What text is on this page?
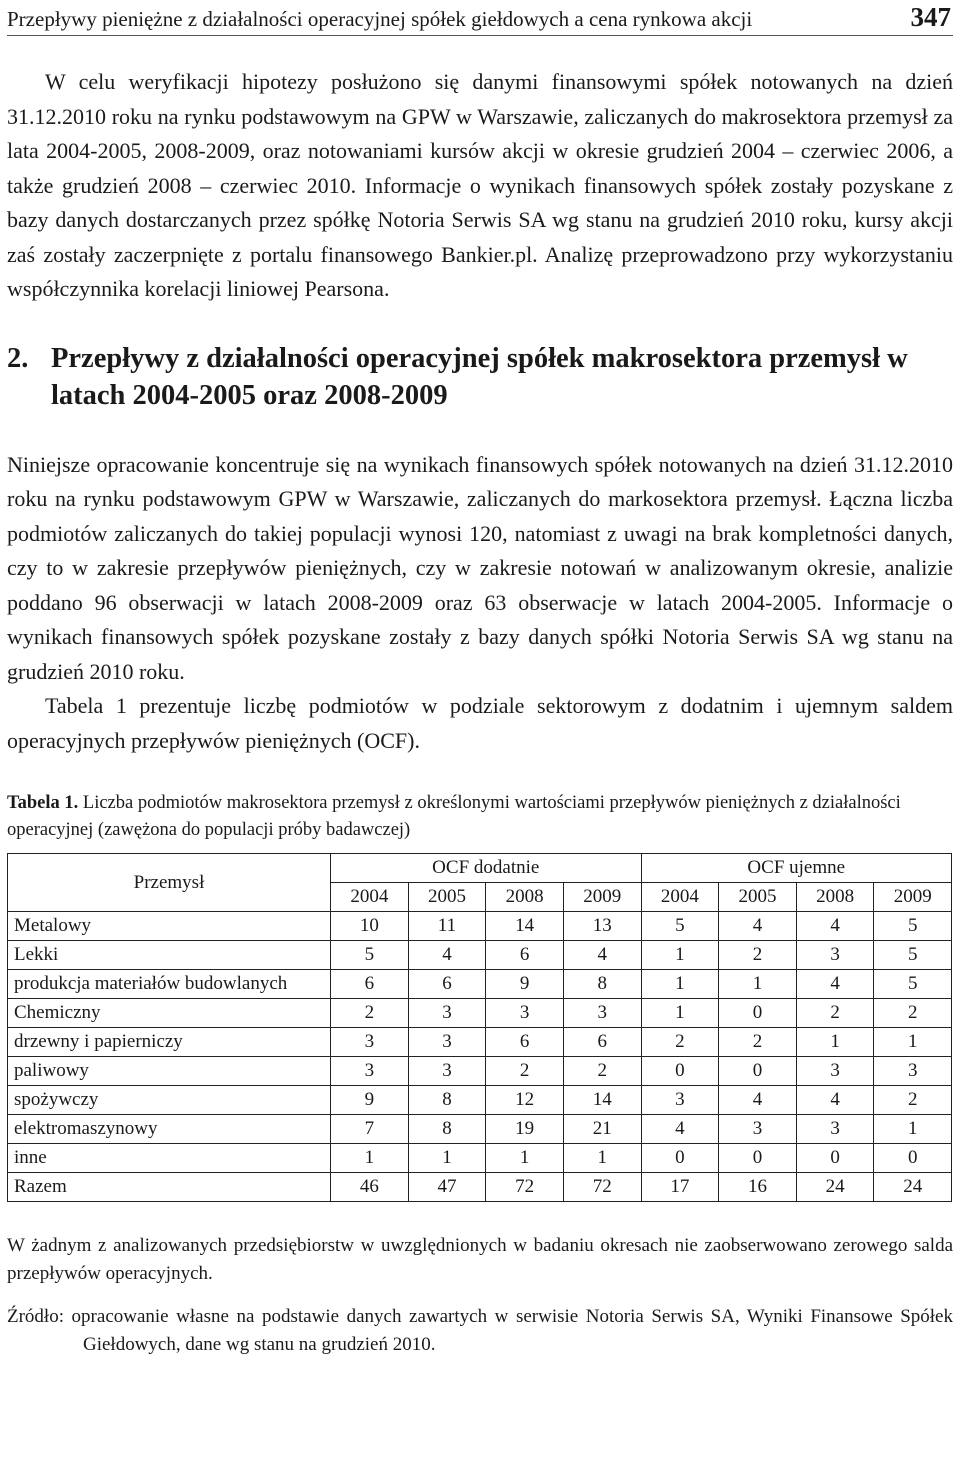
Przepływy pieniężne z działalności operacyjnej spółek giełdowych a cena rynkowa akcji	347

W celu weryfikacji hipotezy posłużono się danymi finansowymi spółek notowanych na dzień 31.12.2010 roku na rynku podstawowym na GPW w Warszawie, zaliczanych do makrosektora przemysł za lata 2004-2005, 2008-2009, oraz notowaniami kursów akcji w okresie grudzień 2004 – czerwiec 2006, a także grudzień 2008 – czerwiec 2010. Informacje o wynikach finansowych spółek zostały pozyskane z bazy danych dostarczanych przez spółkę Notoria Serwis SA wg stanu na grudzień 2010 roku, kursy akcji zaś zostały zaczerpnięte z portalu finansowego Bankier.pl. Analizę przeprowadzono przy wykorzystaniu współczynnika korelacji liniowej Pearsona.

2. Przepływy z działalności operacyjnej spółek makrosektora przemysł w latach 2004-2005 oraz 2008-2009

Niniejsze opracowanie koncentruje się na wynikach finansowych spółek notowanych na dzień 31.12.2010 roku na rynku podstawowym GPW w Warszawie, zaliczanych do markosektora przemysł. Łączna liczba podmiotów zaliczanych do takiej populacji wynosi 120, natomiast z uwagi na brak kompletności danych, czy to w zakresie przepływów pieniężnych, czy w zakresie notowań w analizowanym okresie, analizie poddano 96 obserwacji w latach 2008-2009 oraz 63 obserwacje w latach 2004-2005. Informacje o wynikach finansowych spółek pozyskane zostały z bazy danych spółki Notoria Serwis SA wg stanu na grudzień 2010 roku.

Tabela 1 prezentuje liczbę podmiotów w podziale sektorowym z dodatnim i ujemnym saldem operacyjnych przepływów pieniężnych (OCF).

Tabela 1. Liczba podmiotów makrosektora przemysł z określonymi wartościami przepływów pieniężnych z działalności operacyjnej (zawężona do populacji próby badawczej)

Przemysł	OCF dodatnie				OCF ujemne			
	2004	2005	2008	2009	2004	2005	2008	2009
Metalowy	10	11	14	13	5	4	4	5
Lekki	5	4	6	4	1	2	3	5
produkcja materiałów budowlanych	6	6	9	8	1	1	4	5
Chemiczny	2	3	3	3	1	0	2	2
drzewny i papierniczy	3	3	6	6	2	2	1	1
paliwowy	3	3	2	2	0	0	3	3
spożywczy	9	8	12	14	3	4	4	2
elektromaszynowy	7	8	19	21	4	3	3	1
inne	1	1	1	1	0	0	0	0
Razem	46	47	72	72	17	16	24	24

W żadnym z analizowanych przedsiębiorstw w uwzględnionych w badaniu okresach nie zaobserwowano zerowego salda przepływów operacyjnych.

Źródło: opracowanie własne na podstawie danych zawartych w serwisie Notoria Serwis SA, Wyniki Finansowe Spółek Giełdowych, dane wg stanu na grudzień 2010.
